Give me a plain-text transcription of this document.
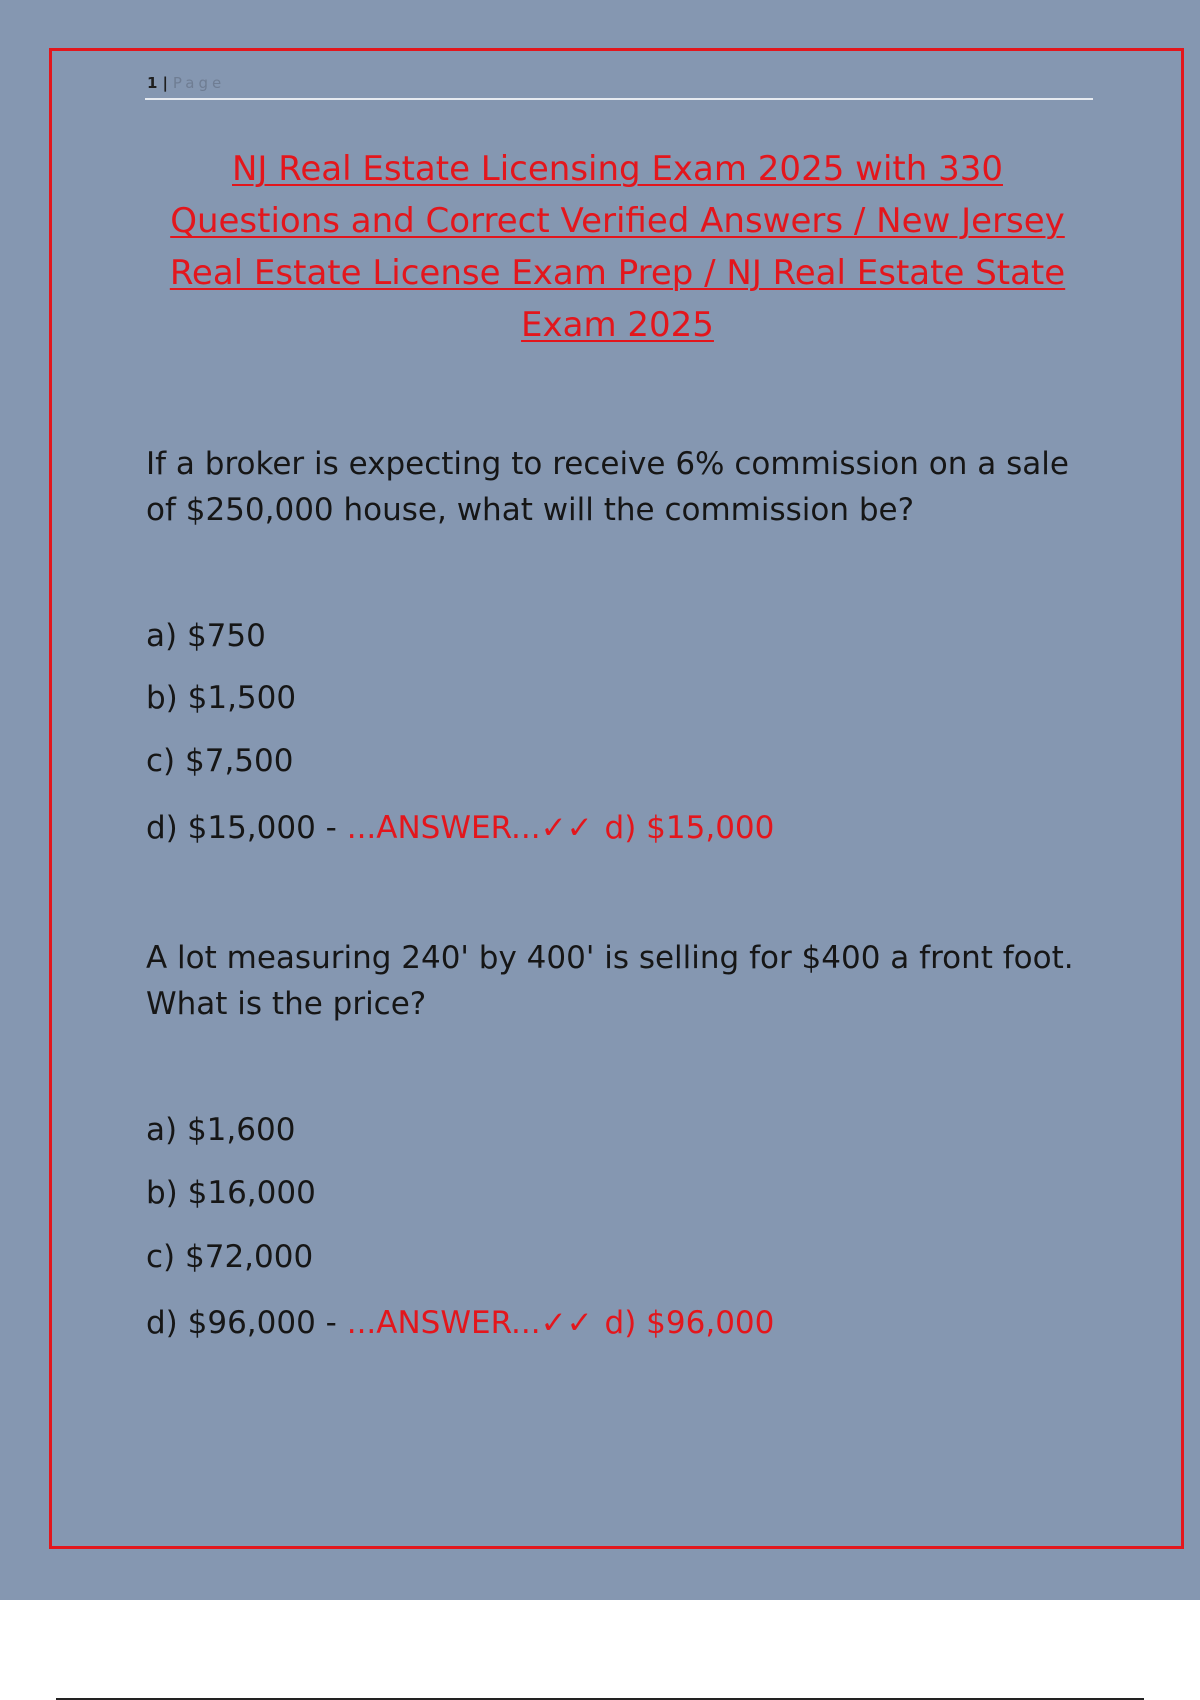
1 | Page
NJ Real Estate Licensing Exam 2025 with 330 Questions and Correct Verified Answers / New Jersey Real Estate License Exam Prep / NJ Real Estate State Exam 2025
If a broker is expecting to receive 6% commission on a sale of $250,000 house, what will the commission be?
a) $750
b) $1,500
c) $7,500
d) $15,000 - ...ANSWER...✓✓ d) $15,000
A lot measuring 240' by 400' is selling for $400 a front foot. What is the price?
a) $1,600
b) $16,000
c) $72,000
d) $96,000 - ...ANSWER...✓✓ d) $96,000
